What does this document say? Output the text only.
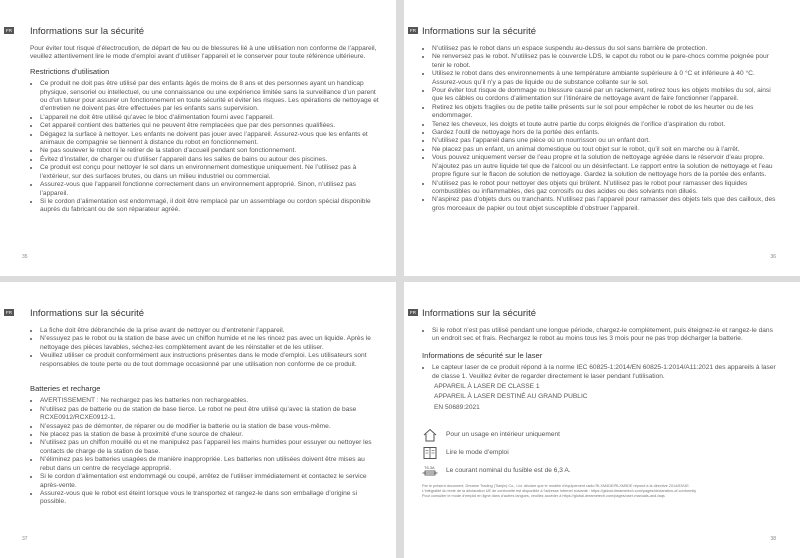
FR Informations sur la sécurité

Pour éviter tout risque d’électrocution, de départ de feu ou de blessures lié à une utilisation non conforme de l’appareil, veuillez attentivement lire le mode d’emploi avant d’utiliser l’appareil et le conserver pour toute référence ultérieure.

Restrictions d’utilisation
• Ce produit ne doit pas être utilisé par des enfants âgés de moins de 8 ans et des personnes ayant un handicap physique, sensoriel ou intellectuel, ou une connaissance ou une expérience limitée sans la surveillance d’un parent ou d’un tuteur pour assurer un fonctionnement en toute sécurité et éviter les risques. Les opérations de nettoyage et d’entretien ne doivent pas être effectuées par les enfants sans supervision.
• L’appareil ne doit être utilisé qu’avec le bloc d’alimentation fourni avec l’appareil.
• Cet appareil contient des batteries qui ne peuvent être remplacées que par des personnes qualifiées.
• Dégagez la surface à nettoyer. Les enfants ne doivent pas jouer avec l’appareil. Assurez-vous que les enfants et animaux de compagnie se tiennent à distance du robot en fonctionnement.
• Ne pas soulever le robot ni le retirer de la station d’accueil pendant son fonctionnement.
• Évitez d’installer, de charger ou d’utiliser l’appareil dans les salles de bains ou autour des piscines.
• Ce produit est conçu pour nettoyer le sol dans un environnement domestique uniquement. Ne l’utilisez pas à l’extérieur, sur des surfaces brutes, ou dans un milieu industriel ou commercial.
• Assurez-vous que l’appareil fonctionne correctement dans un environnement approprié. Sinon, n’utilisez pas l’appareil.
• Si le cordon d’alimentation est endommagé, il doit être remplacé par un assemblage ou cordon spécial disponible auprès du fabricant ou de son réparateur agréé.
35
FR Informations sur la sécurité
• N’utilisez pas le robot dans un espace suspendu au-dessus du sol sans barrière de protection.
• Ne renversez pas le robot. N’utilisez pas le couvercle LDS, le capot du robot ou le pare-chocs comme poignée pour tenir le robot.
• Utilisez le robot dans des environnements à une température ambiante supérieure à 0 °C et inférieure à 40 °C. Assurez-vous qu’il n’y a pas de liquide ou de substance collante sur le sol.
• Pour éviter tout risque de dommage ou blessure causé par un raclement, retirez tous les objets mobiles du sol, ainsi que les câbles ou cordons d’alimentation sur l’itinéraire de nettoyage avant de faire fonctionner l’appareil.
• Retirez les objets fragiles ou de petite taille présents sur le sol pour empêcher le robot de les heurter ou de les endommager.
• Tenez les cheveux, les doigts et toute autre partie du corps éloignés de l’orifice d’aspiration du robot.
• Gardez l’outil de nettoyage hors de la portée des enfants.
• N’utilisez pas l’appareil dans une pièce où un nourrisson ou un enfant dort.
• Ne placez pas un enfant, un animal domestique ou tout objet sur le robot, qu’il soit en marche ou à l’arrêt.
• Vous pouvez uniquement verser de l’eau propre et la solution de nettoyage agréée dans le réservoir d’eau propre. N’ajoutez pas un autre liquide tel que de l’alcool ou un désinfectant. Le rapport entre la solution de nettoyage et l’eau propre figure sur le flacon de solution de nettoyage. Gardez la solution de nettoyage hors de la portée des enfants.
• N’utilisez pas le robot pour nettoyer des objets qui brûlent. N’utilisez pas le robot pour ramasser des liquides combustibles ou inflammables, des gaz corrosifs ou des acides ou des solvants non dilués.
• N’aspirez pas d’objets durs ou tranchants. N’utilisez pas l’appareil pour ramasser des objets tels que des cailloux, des gros morceaux de papier ou tout objet susceptible d’obstruer l’appareil.
36
FR Informations sur la sécurité
• La fiche doit être débranchée de la prise avant de nettoyer ou d’entretenir l’appareil.
• N’essuyez pas le robot ou la station de base avec un chiffon humide et ne les rincez pas avec un liquide. Après le nettoyage des pièces lavables, séchez-les complètement avant de les réinstaller et de les utiliser.
• Veuillez utiliser ce produit conformément aux instructions présentes dans le mode d’emploi. Les utilisateurs sont responsables de toute perte ou de tout dommage occasionné par une utilisation non conforme de ce produit.
Batteries et recharge
• AVERTISSEMENT : Ne rechargez pas les batteries non rechargeables.
• N’utilisez pas de batterie ou de station de base tierce. Le robot ne peut être utilisé qu’avec la station de base RCXE0912/RCXE0912-1.
• N’essayez pas de démonter, de réparer ou de modifier la batterie ou la station de base vous-même.
• Ne placez pas la station de base à proximité d’une source de chaleur.
• N’utilisez pas un chiffon mouillé ou et ne manipulez pas l’appareil les mains humides pour essuyer ou nettoyer les contacts de charge de la station de base.
• N’éliminez pas les batteries usagées de manière inappropriée. Les batteries non utilisées doivent être mises au rebut dans un centre de recyclage approprié.
• Si le cordon d’alimentation est endommagé ou coupé, arrêtez de l’utiliser immédiatement et contactez le service après-vente.
• Assurez-vous que le robot est éteint lorsque vous le transportez et rangez-le dans son emballage d’origine si possible.
37
FR Informations sur la sécurité
• Si le robot n’est pas utilisé pendant une longue période, chargez-le complètement, puis éteignez-le et rangez-le dans un endroit sec et frais. Rechargez le robot au moins tous les 3 mois pour ne pas trop décharger la batterie.
Informations de sécurité sur le laser
• Le capteur laser de ce produit répond à la norme IEC 60825-1:2014/EN 60825-1:2014/A11:2021 des appareils à laser de classe 1. Veuillez éviter de regarder directement le laser pendant l’utilisation.
APPAREIL À LASER DE CLASSE 1
APPAREIL À LASER DESTINÉ AU GRAND PUBLIC
EN 50689:2021
Pour un usage en intérieur uniquement
Lire le mode d’emploi
T6.3A Le courant nominal du fusible est de 6,3 A.
Par le présent document, Dreame Trading (Tianjin) Co., Ltd. déclare que le modèle d’équipement radio RLXM4DE/RLXM5DE répond à la directive 2014/53/UE.
L’intégralité du texte de la déclaration UE de conformité est disponible à l’adresse Internet suivante : https://global.dreametech.com/pages/declaration-of-conformity
Pour consulter le mode d’emploi en ligne dans d’autres langues, veuillez accéder à https://global.dreametech.com/pages/user-manuals-and-faqs
38
